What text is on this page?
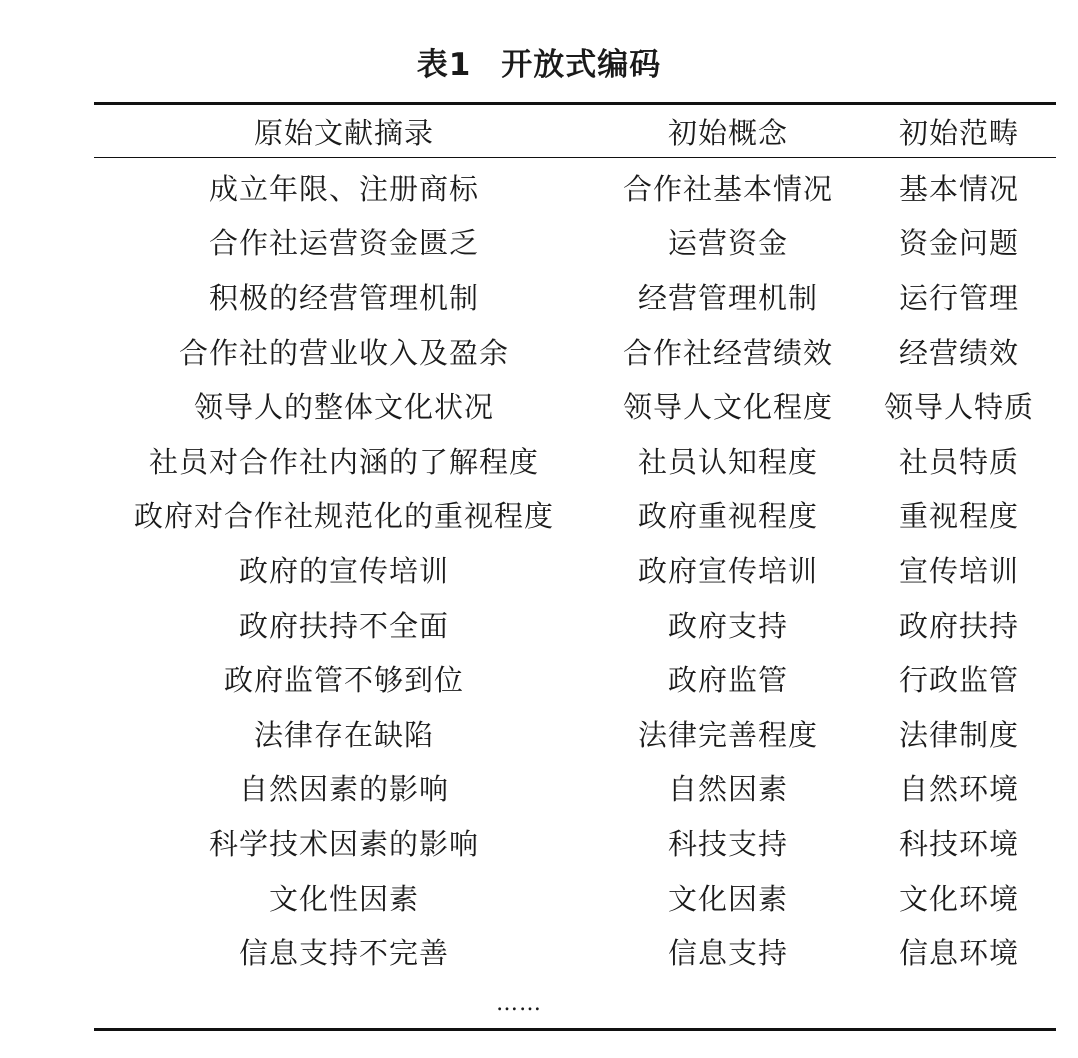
表1 开放式编码
原始文献摘录	初始概念	初始范畴
成立年限、注册商标	合作社基本情况	基本情况
合作社运营资金匮乏	运营资金	资金问题
积极的经营管理机制	经营管理机制	运行管理
合作社的营业收入及盈余	合作社经营绩效	经营绩效
领导人的整体文化状况	领导人文化程度	领导人特质
社员对合作社内涵的了解程度	社员认知程度	社员特质
政府对合作社规范化的重视程度	政府重视程度	重视程度
政府的宣传培训	政府宣传培训	宣传培训
政府扶持不全面	政府支持	政府扶持
政府监管不够到位	政府监管	行政监管
法律存在缺陷	法律完善程度	法律制度
自然因素的影响	自然因素	自然环境
科学技术因素的影响	科技支持	科技环境
文化性因素	文化因素	文化环境
信息支持不完善	信息支持	信息环境
……
